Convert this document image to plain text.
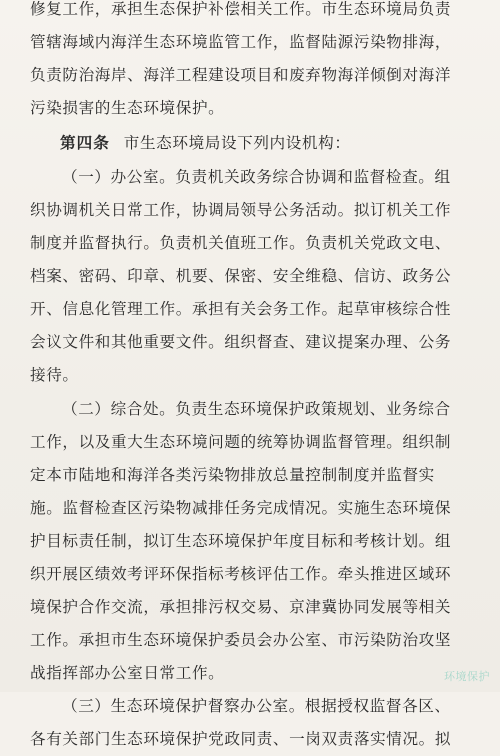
修复工作，承担生态保护补偿相关工作。市生态环境局负责
管辖海域内海洋生态环境监管工作，监督陆源污染物排海，
负责防治海岸、海洋工程建设项目和废弃物海洋倾倒对海洋
污染损害的生态环境保护。
第四条 市生态环境局设下列内设机构：
（一）办公室。负责机关政务综合协调和监督检查。组
织协调机关日常工作，协调局领导公务活动。拟订机关工作
制度并监督执行。负责机关值班工作。负责机关党政文电、
档案、密码、印章、机要、保密、安全维稳、信访、政务公
开、信息化管理工作。承担有关会务工作。起草审核综合性
会议文件和其他重要文件。组织督查、建议提案办理、公务
接待。
（二）综合处。负责生态环境保护政策规划、业务综合
工作，以及重大生态环境问题的统筹协调监督管理。组织制
定本市陆地和海洋各类污染物排放总量控制制度并监督实
施。监督检查区污染物减排任务完成情况。实施生态环境保
护目标责任制，拟订生态环境保护年度目标和考核计划。组
织开展区绩效考评环保指标考核评估工作。牵头推进区域环
境保护合作交流，承担排污权交易、京津冀协同发展等相关
工作。承担市生态环境保护委员会办公室、市污染防治攻坚
战指挥部办公室日常工作。
（三）生态环境保护督察办公室。根据授权监督各区、
各有关部门生态环境保护党政同责、一岗双责落实情况。拟
环境保护
